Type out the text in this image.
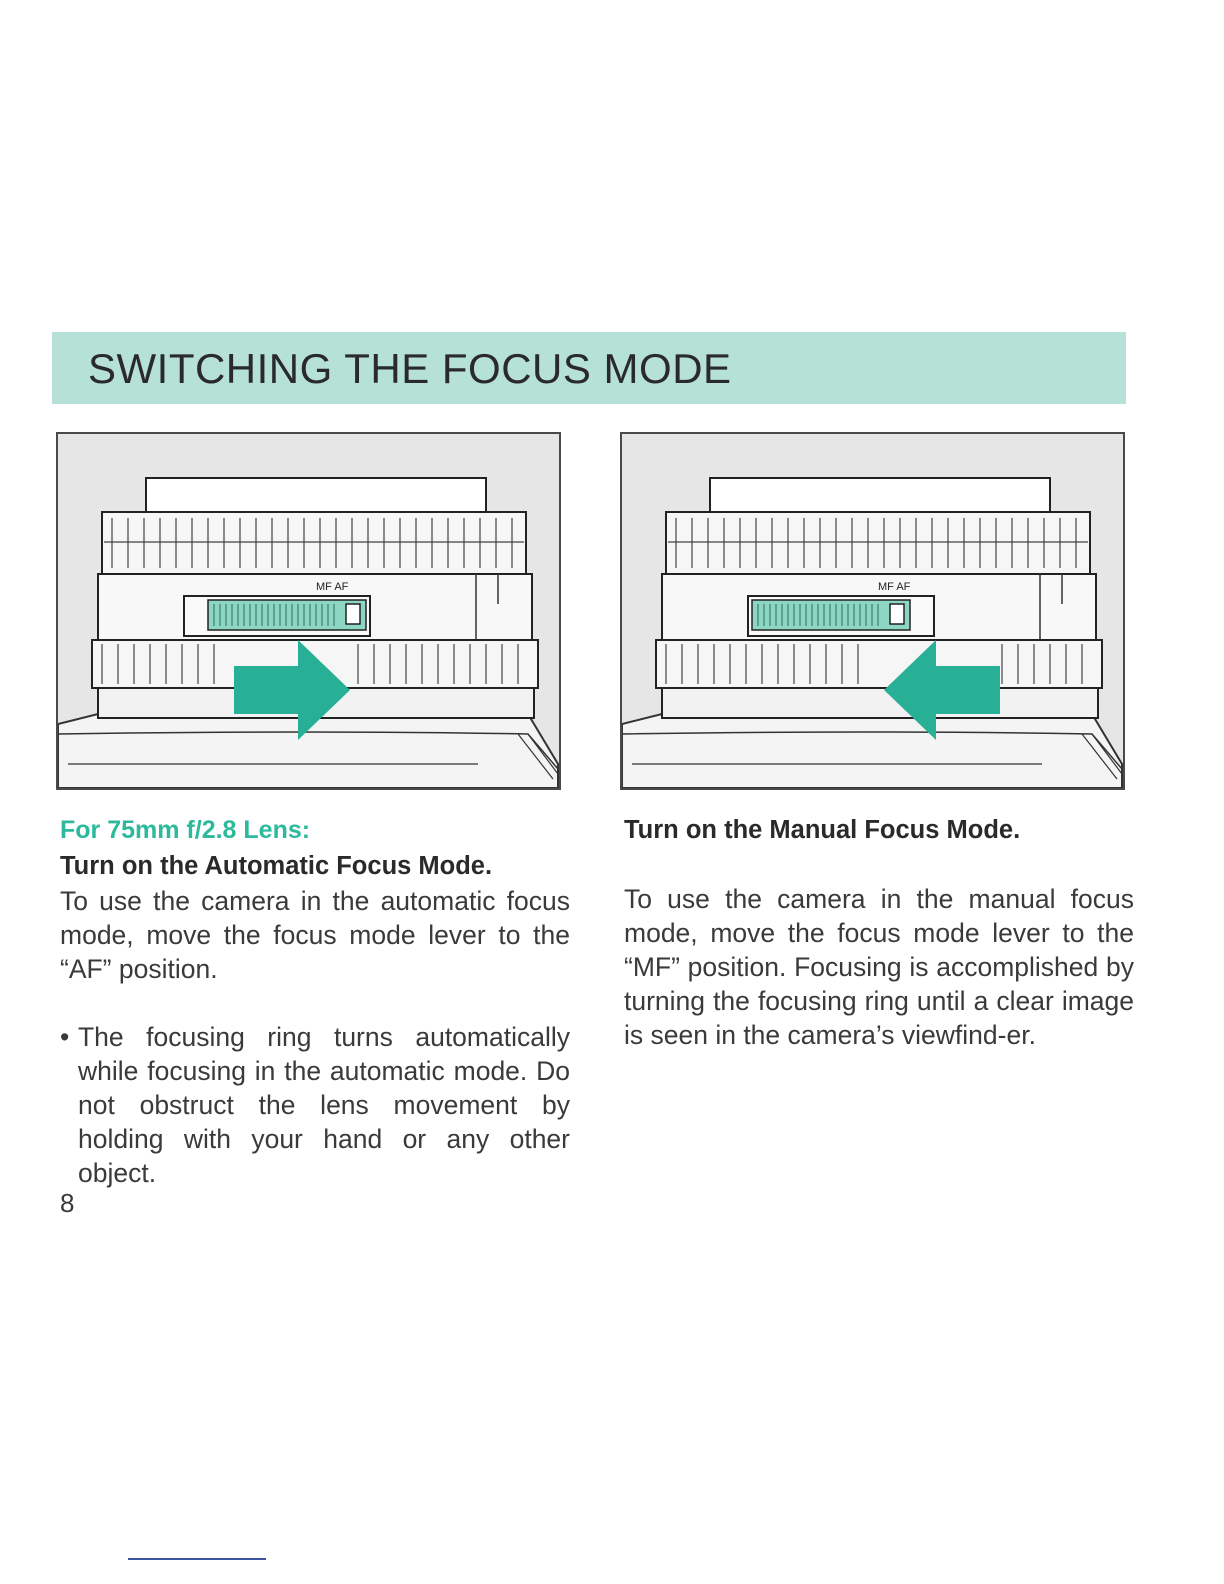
SWITCHING THE FOCUS MODE
MF AF	MF AF
For 75mm f/2.8 Lens:
Turn on the Automatic Focus Mode.

To use the camera in the automatic focus mode, move the focus mode lever to the “AF” position.

• The focusing ring turns automatically while focusing in the automatic mode. Do not obstruct the lens movement by holding with your hand or any other object.
Turn on the Manual Focus Mode.

To use the camera in the manual focus mode, move the focus mode lever to the “MF” position. Focusing is accomplished by turning the focusing ring until a clear image is seen in the camera’s viewfind-er.

8
